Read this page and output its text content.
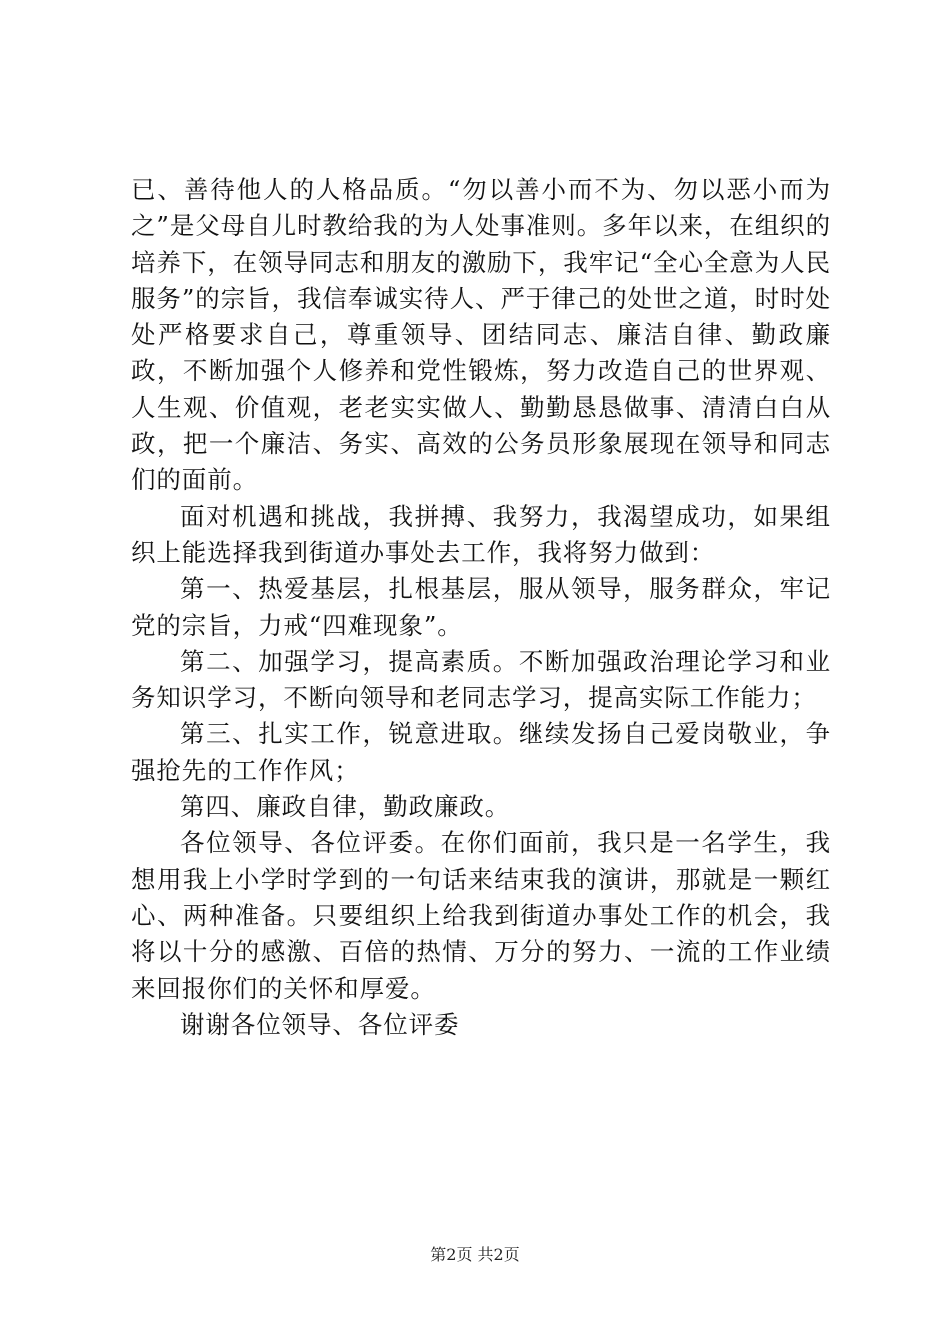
已、善待他人的人格品质。“勿以善小而不为、勿以恶小而为之”是父母自儿时教给我的为人处事准则。多年以来，在组织的培养下，在领导同志和朋友的激励下，我牢记“全心全意为人民服务”的宗旨，我信奉诚实待人、严于律己的处世之道，时时处处严格要求自己，尊重领导、团结同志、廉洁自律、勤政廉政，不断加强个人修养和党性锻炼，努力改造自己的世界观、人生观、价值观，老老实实做人、勤勤恳恳做事、清清白白从政，把一个廉洁、务实、高效的公务员形象展现在领导和同志们的面前。

面对机遇和挑战，我拼搏、我努力，我渴望成功，如果组织上能选择我到街道办事处去工作，我将努力做到：

第一、热爱基层，扎根基层，服从领导，服务群众，牢记党的宗旨，力戒“四难现象”。

第二、加强学习，提高素质。不断加强政治理论学习和业务知识学习，不断向领导和老同志学习，提高实际工作能力；

第三、扎实工作，锐意进取。继续发扬自己爱岗敬业，争强抢先的工作作风；

第四、廉政自律，勤政廉政。

各位领导、各位评委。在你们面前，我只是一名学生，我想用我上小学时学到的一句话来结束我的演讲，那就是一颗红心、两种准备。只要组织上给我到街道办事处工作的机会，我将以十分的感激、百倍的热情、万分的努力、一流的工作业绩来回报你们的关怀和厚爱。

谢谢各位领导、各位评委

第2页 共2页
